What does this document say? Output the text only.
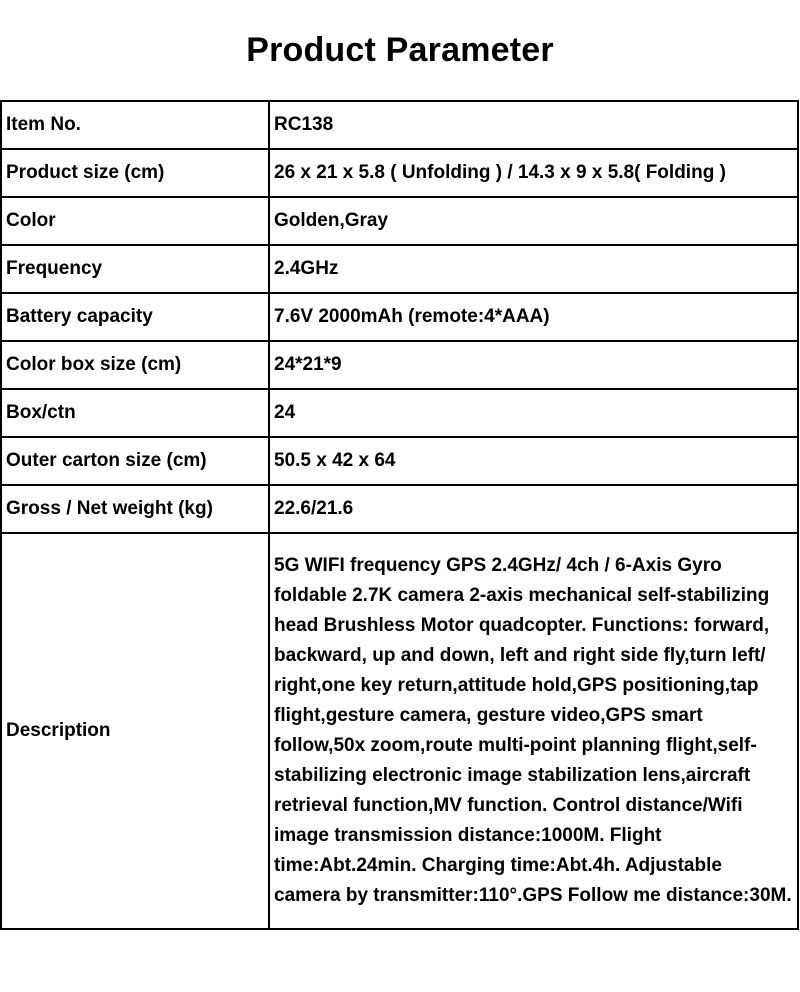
Product Parameter
Item No.	RC138
Product size (cm)	26 x 21 x 5.8 ( Unfolding ) / 14.3 x 9 x 5.8( Folding )
Color	Golden,Gray
Frequency	2.4GHz
Battery capacity	7.6V 2000mAh (remote:4*AAA)
Color box size (cm)	24*21*9
Box/ctn	24
Outer carton size (cm)	50.5 x 42 x 64
Gross / Net weight (kg)	22.6/21.6
Description	5G WIFI frequency GPS 2.4GHz/ 4ch / 6-Axis Gyro foldable 2.7K camera 2-axis mechanical self-stabilizing head Brushless Motor quadcopter. Functions: forward, backward, up and down, left and right side fly,turn left/ right,one key return,attitude hold,GPS positioning,tap flight,gesture camera, gesture video,GPS smart follow,50x zoom,route multi-point planning flight,self-stabilizing electronic image stabilization lens,aircraft retrieval function,MV function. Control distance/Wifi image transmission distance:1000M. Flight time:Abt.24min. Charging time:Abt.4h. Adjustable camera by transmitter:110°.GPS Follow me distance:30M.
